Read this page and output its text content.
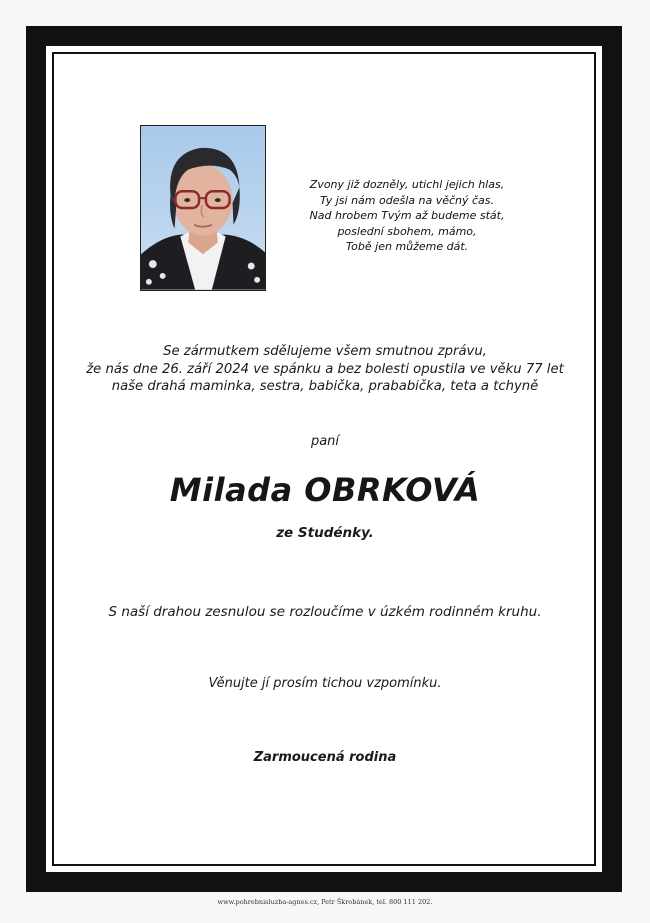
Zvony již dozněly, utichl jejich hlas,
Ty jsi nám odešla na věčný čas.
Nad hrobem Tvým až budeme stát,
poslední sbohem, mámo,
Tobě jen můžeme dát.
Se zármutkem sdělujeme všem smutnou zprávu,
že nás dne 26. září 2024 ve spánku a bez bolesti opustila ve věku 77 let
naše drahá maminka, sestra, babička, prababička, teta a tchyně
paní
Milada OBRKOVÁ
ze Studénky.
S naší drahou zesnulou se rozloučíme v úzkém rodinném kruhu.
Věnujte jí prosím tichou vzpomínku.
Zarmoucená rodina
www.pohrebnisluzba-agnes.cz, Petr Škrobánek, tel. 800 111 202.
